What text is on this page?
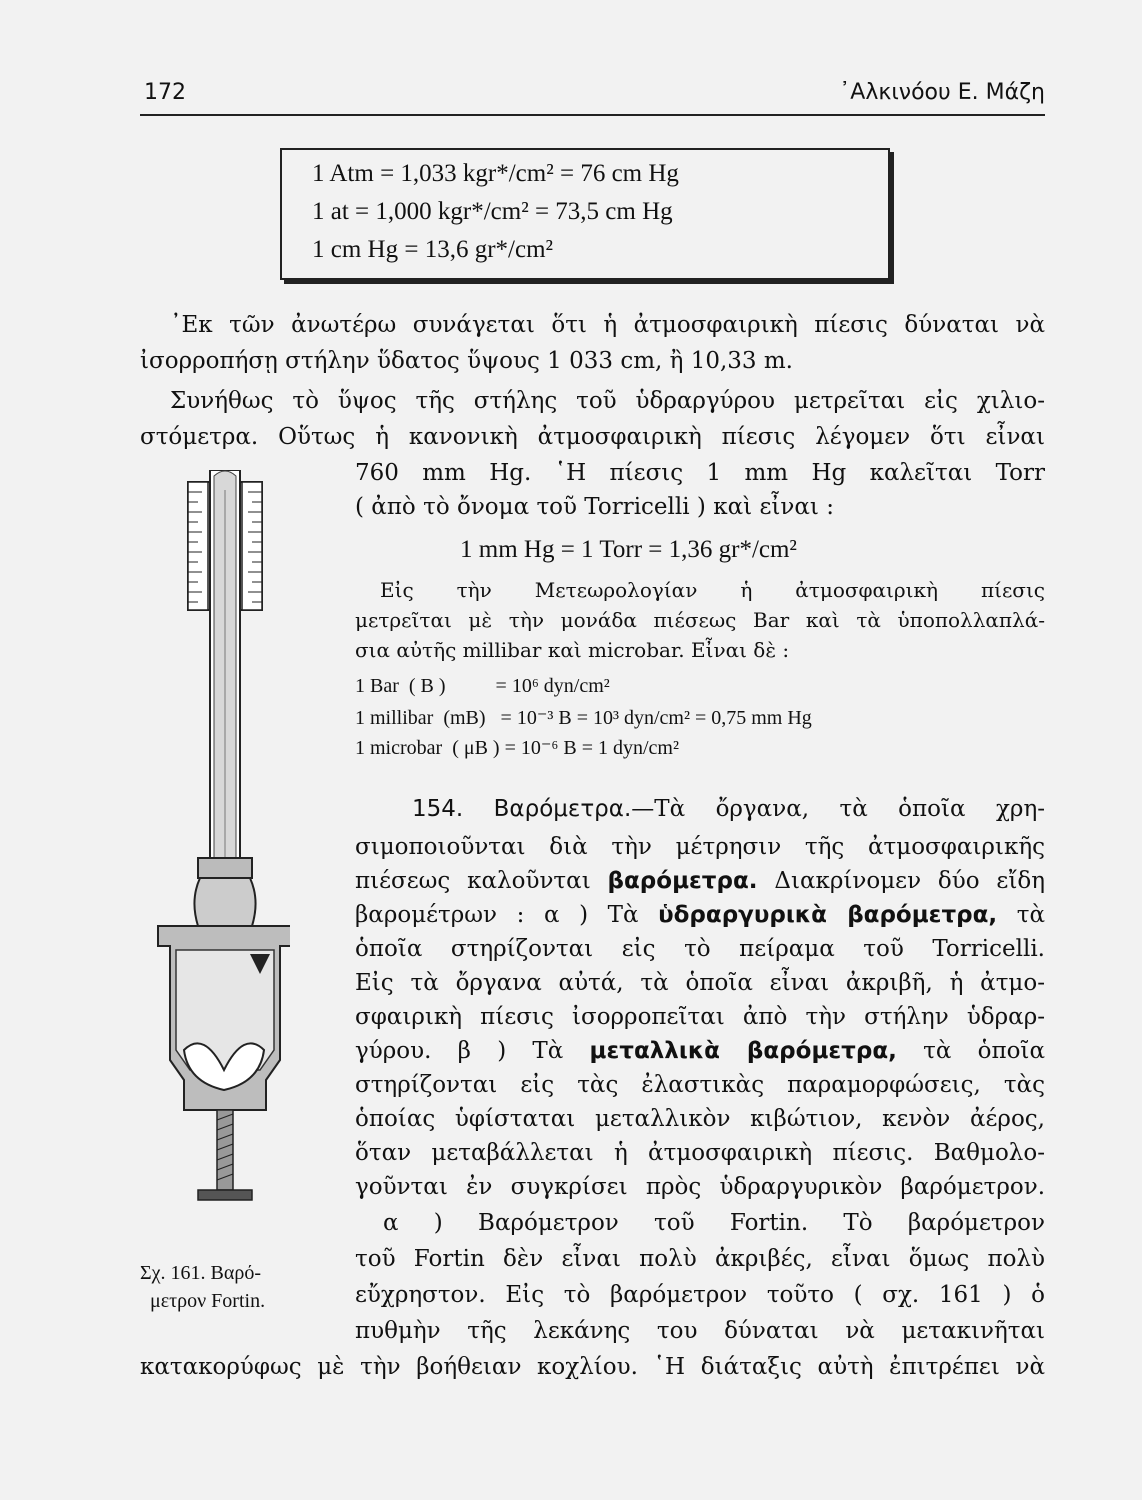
172	᾿Αλκινόου Ε. Μάζη
1 Atm = 1,033 kgr*/cm² = 76 cm Hg
1 at = 1,000 kgr*/cm² = 73,5 cm Hg
1 cm Hg = 13,6 gr*/cm²
᾿Εκ τῶν ἀνωτέρω συνάγεται ὅτι ἡ ἀτμοσφαιρικὴ πίεσις δύναται νὰ
ἰσορροπήσῃ στήλην ὕδατος ὕψους 1 033 cm, ἢ 10,33 m.
Συνήθως τὸ ὕψος τῆς στήλης τοῦ ὑδραργύρου μετρεῖται εἰς χιλιο-
στόμετρα. Οὕτως ἡ κανονικὴ ἀτμοσφαιρικὴ πίεσις λέγομεν ὅτι εἶναι
760 mm Hg. ῾Η πίεσις 1 mm Hg καλεῖται Torr
( ἀπὸ τὸ ὄνομα τοῦ Torricelli ) καὶ εἶναι :
1 mm Hg = 1 Torr = 1,36 gr*/cm²
Εἰς τὴν Μετεωρολογίαν ἡ ἀτμοσφαιρικὴ πίεσις
μετρεῖται μὲ τὴν μονάδα πιέσεως Bar καὶ τὰ ὑποπολλαπλά-
σια αὐτῆς millibar καὶ microbar. Εἶναι δὲ :
1 Bar  ( B )          = 10⁶ dyn/cm²
1 millibar  (mB)   = 10⁻³ B = 10³ dyn/cm² = 0,75 mm Hg
1 microbar  ( μB ) = 10⁻⁶ B = 1 dyn/cm²
154. Βαρόμετρα.—Τὰ ὄργανα, τὰ ὁποῖα χρη-
σιμοποιοῦνται διὰ τὴν μέτρησιν τῆς ἀτμοσφαιρικῆς
πιέσεως καλοῦνται βαρόμετρα. Διακρίνομεν δύο εἴδη
βαρομέτρων : α ) Τὰ ὑδραργυρικὰ βαρόμετρα, τὰ
ὁποῖα στηρίζονται εἰς τὸ πείραμα τοῦ Torricelli.
Εἰς τὰ ὄργανα αὐτά, τὰ ὁποῖα εἶναι ἀκριβῆ, ἡ ἀτμο-
σφαιρικὴ πίεσις ἰσορροπεῖται ἀπὸ τὴν στήλην ὑδραρ-
γύρου. β ) Τὰ μεταλλικὰ βαρόμετρα, τὰ ὁποῖα
στηρίζονται εἰς τὰς ἐλαστικὰς παραμορφώσεις, τὰς
ὁποίας ὑφίσταται μεταλλικὸν κιβώτιον, κενὸν ἀέρος,
ὅταν μεταβάλλεται ἡ ἀτμοσφαιρικὴ πίεσις. Βαθμολο-
γοῦνται ἐν συγκρίσει πρὸς ὑδραργυρικὸν βαρόμετρον.
α ) Βαρόμετρον τοῦ Fortin. Τὸ βαρόμετρον
τοῦ Fortin δὲν εἶναι πολὺ ἀκριβές, εἶναι ὅμως πολὺ
εὔχρηστον. Εἰς τὸ βαρόμετρον τοῦτο ( σχ. 161 ) ὁ
πυθμὴν τῆς λεκάνης του δύναται νὰ μετακινῆται
κατακορύφως μὲ τὴν βοήθειαν κοχλίου. ῾Η διάταξις αὐτὴ ἐπιτρέπει νὰ
Σχ. 161. Βαρό-
μετρον Fortin.
